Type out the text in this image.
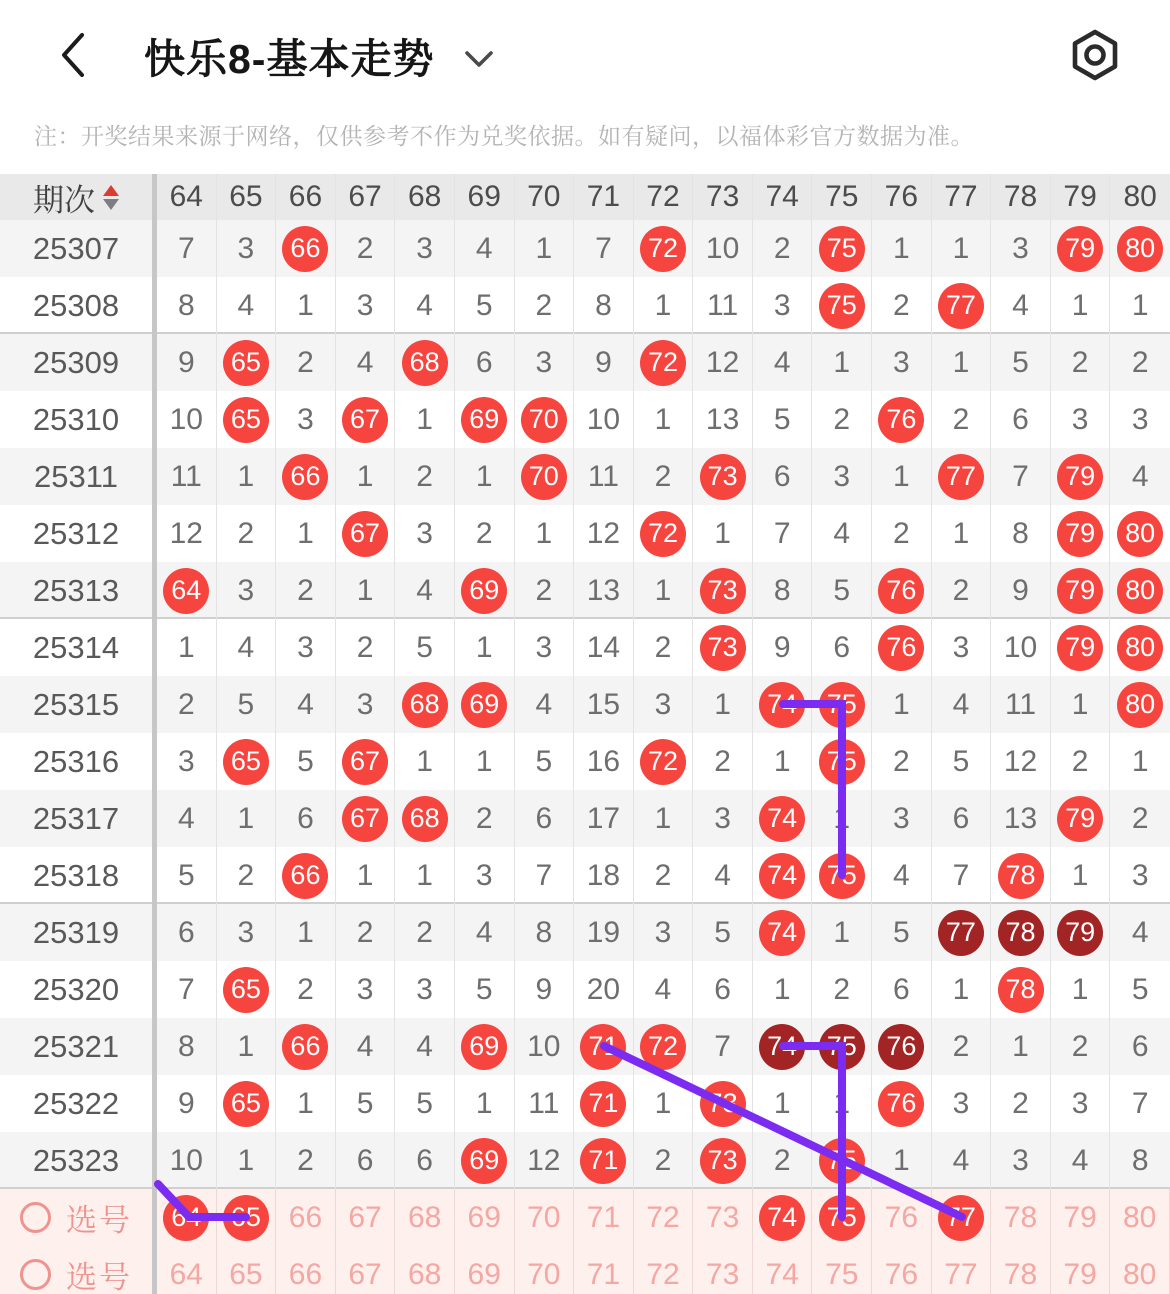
快乐8-基本走势

注：开奖结果来源于网络，仅供参考不作为兑奖依据。如有疑问，以福体彩官方数据为准。

期次 64 65 66 67 68 69 70 71 72 73 74 75 76 77 78 79 80
25307 7 3 66 2 3 4 1 7 72 10 2 75 1 1 3 79 80
25308 8 4 1 3 4 5 2 8 1 11 3 75 2 77 4 1 1
25309 9 65 2 4 68 6 3 9 72 12 4 1 3 1 5 2 2
25310 10 65 3 67 1 69 70 10 1 13 5 2 76 2 6 3 3
25311 11 1 66 1 2 1 70 11 2 73 6 3 1 77 7 79 4
25312 12 2 1 67 3 2 1 12 72 1 7 4 2 1 8 79 80
25313 64 3 2 1 4 69 2 13 1 73 8 5 76 2 9 79 80
25314 1 4 3 2 5 1 3 14 2 73 9 6 76 3 10 79 80
25315 2 5 4 3 68 69 4 15 3 1 74 75 1 4 11 1 80
25316 3 65 5 67 1 1 5 16 72 2 1 75 2 5 12 2 1
25317 4 1 6 67 68 2 6 17 1 3 74 1 3 6 13 79 2
25318 5 2 66 1 1 3 7 18 2 4 74 75 4 7 78 1 3
25319 6 3 1 2 2 4 8 19 3 5 74 1 5 77 78 79 4
25320 7 65 2 3 3 5 9 20 4 6 1 2 6 1 78 1 5
25321 8 1 66 4 4 69 10 71 72 7 74 75 76 2 1 2 6
25322 9 65 1 5 5 1 11 71 1 73 1 1 76 3 2 3 7
25323 10 1 2 6 6 69 12 71 2 73 2 75 1 4 3 4 8
选号 64 65 66 67 68 69 70 71 72 73 74 75 76 77 78 79 80
选号 64 65 66 67 68 69 70 71 72 73 74 75 76 77 78 79 80
